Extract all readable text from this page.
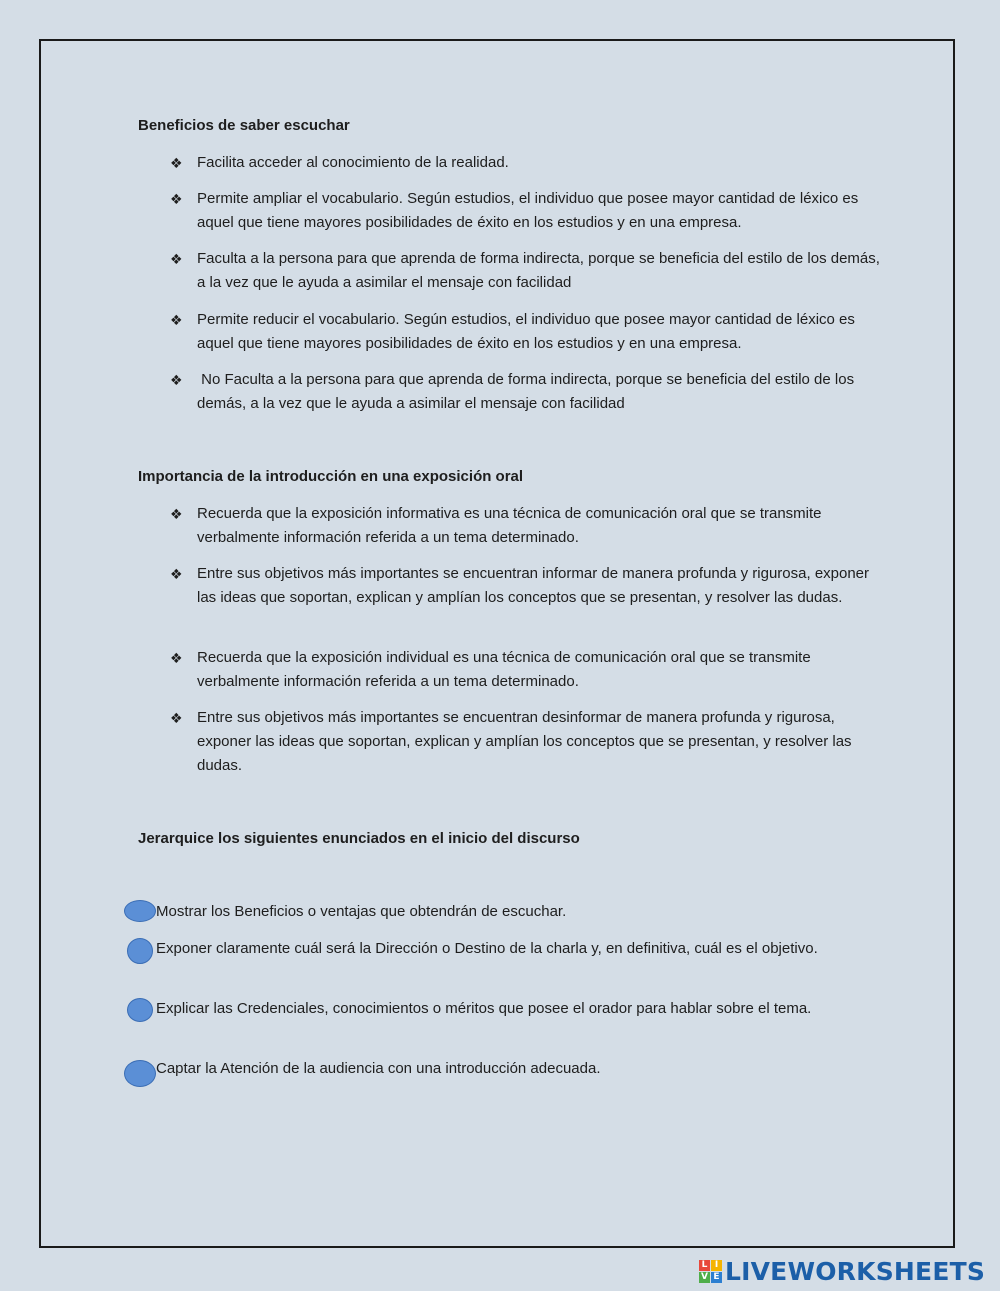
Beneficios de saber escuchar
❖ Facilita acceder al conocimiento de la realidad.
❖ Permite ampliar el vocabulario. Según estudios, el individuo que posee mayor cantidad de léxico es aquel que tiene mayores posibilidades de éxito en los estudios y en una empresa.
❖ Faculta a la persona para que aprenda de forma indirecta, porque se beneficia del estilo de los demás, a la vez que le ayuda a asimilar el mensaje con facilidad
❖ Permite reducir el vocabulario. Según estudios, el individuo que posee mayor cantidad de léxico es aquel que tiene mayores posibilidades de éxito en los estudios y en una empresa.
❖ No Faculta a la persona para que aprenda de forma indirecta, porque se beneficia del estilo de los demás, a la vez que le ayuda a asimilar el mensaje con facilidad
Importancia de la introducción en una exposición oral
❖ Recuerda que la exposición informativa es una técnica de comunicación oral que se transmite verbalmente información referida a un tema determinado.
❖ Entre sus objetivos más importantes se encuentran informar de manera profunda y rigurosa, exponer las ideas que soportan, explican y amplían los conceptos que se presentan, y resolver las dudas.
❖ Recuerda que la exposición individual es una técnica de comunicación oral que se transmite verbalmente información referida a un tema determinado.
❖ Entre sus objetivos más importantes se encuentran desinformar de manera profunda y rigurosa, exponer las ideas que soportan, explican y amplían los conceptos que se presentan, y resolver las dudas.
Jerarquice los siguientes enunciados en el inicio del discurso
Mostrar los Beneficios o ventajas que obtendrán de escuchar.
Exponer claramente cuál será la Dirección o Destino de la charla y, en definitiva, cuál es el objetivo.
Explicar las Credenciales, conocimientos o méritos que posee el orador para hablar sobre el tema.
Captar la Atención de la audiencia con una introducción adecuada.
L I
V E LIVEWORKSHEETS
